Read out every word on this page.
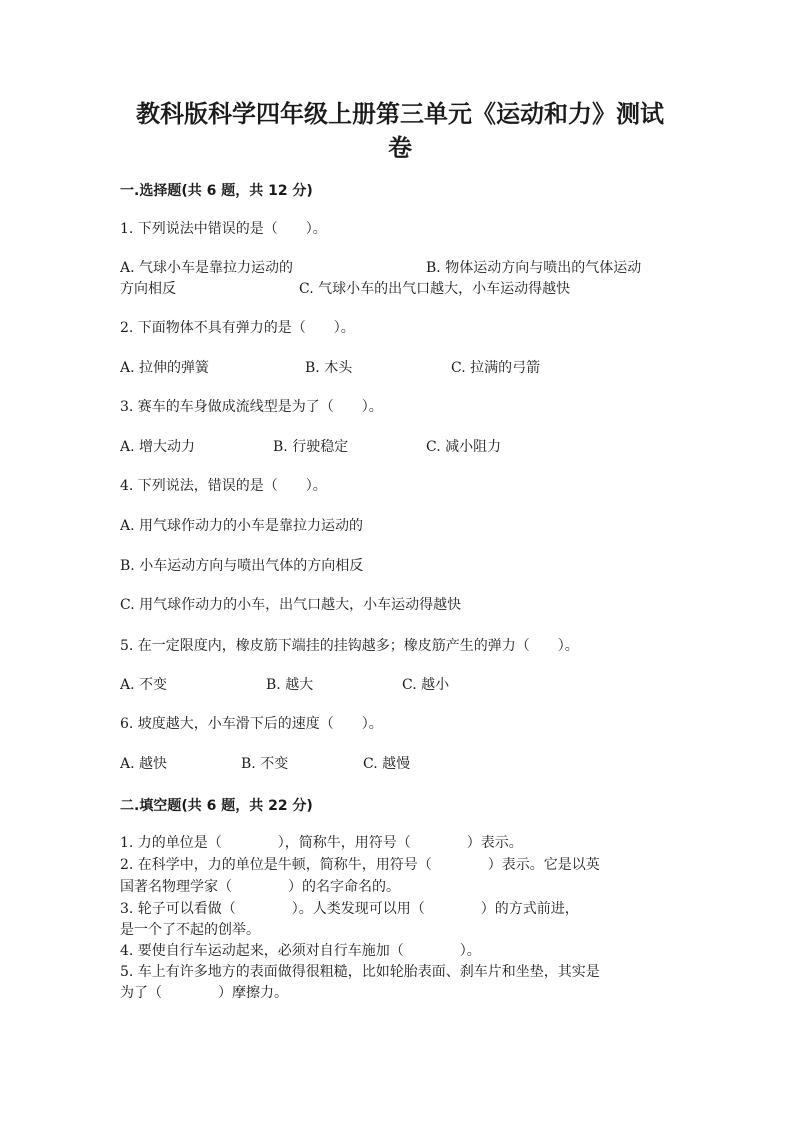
教科版科学四年级上册第三单元《运动和力》测试
卷
一.选择题(共 6 题，共 12 分)
1. 下列说法中错误的是（　　）。
A. 气球小车是靠拉力运动的	B. 物体运动方向与喷出的气体运动
方向相反	C. 气球小车的出气口越大，小车运动得越快
2. 下面物体不具有弹力的是（　　）。
A. 拉伸的弹簧	B. 木头	C. 拉满的弓箭
3. 赛车的车身做成流线型是为了（　　）。
A. 增大动力	B. 行驶稳定	C. 减小阻力
4. 下列说法，错误的是（　　）。
A. 用气球作动力的小车是靠拉力运动的
B. 小车运动方向与喷出气体的方向相反
C. 用气球作动力的小车，出气口越大，小车运动得越快
5. 在一定限度内，橡皮筋下端挂的挂钩越多；橡皮筋产生的弹力（　　）。
A. 不变	B. 越大	C. 越小
6. 坡度越大，小车滑下后的速度（　　）。
A. 越快	B. 不变	C. 越慢
二.填空题(共 6 题，共 22 分)
1. 力的单位是（　　　　），简称牛，用符号（　　　　）表示。
2. 在科学中，力的单位是牛顿，简称牛，用符号（　　　　）表示。它是以英
国著名物理学家（　　　　）的名字命名的。
3. 轮子可以看做（　　　　）。人类发现可以用（　　　　）的方式前进，
是一个了不起的创举。
4. 要使自行车运动起来，必须对自行车施加（　　　　）。
5. 车上有许多地方的表面做得很粗糙，比如轮胎表面、刹车片和坐垫，其实是
为了（　　　　）摩擦力。
